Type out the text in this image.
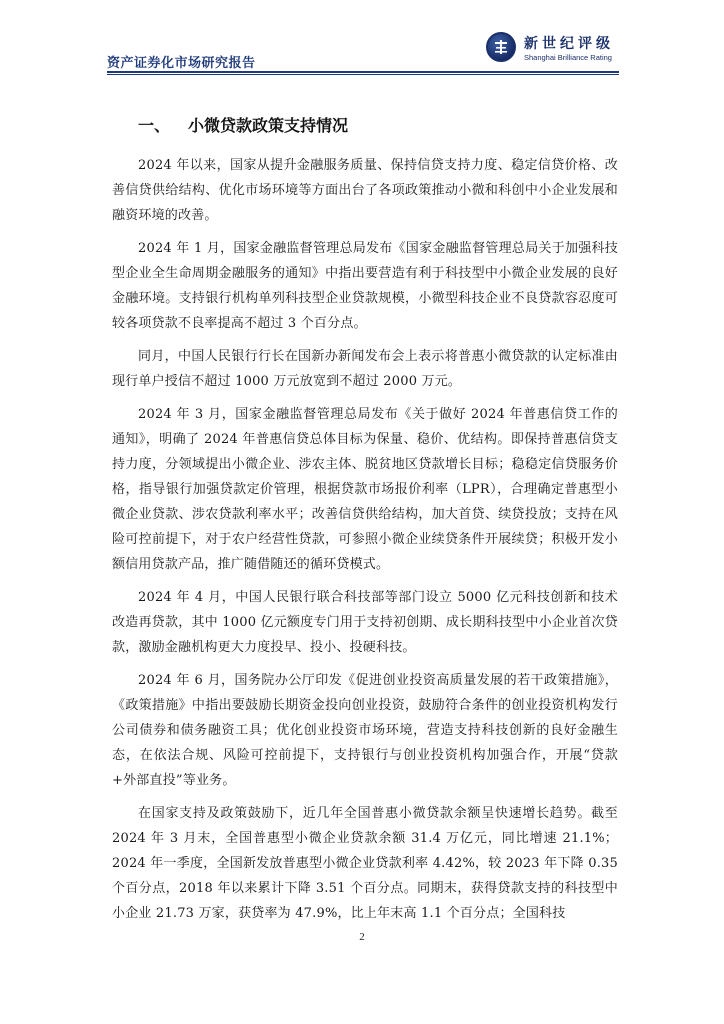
资产证券化市场研究报告
新世纪评级
Shanghai Brilliance Rating
一、 小微贷款政策支持情况

2024 年以来，国家从提升金融服务质量、保持信贷支持力度、稳定信贷价格、改善信贷供给结构、优化市场环境等方面出台了各项政策推动小微和科创中小企业发展和融资环境的改善。

2024 年 1 月，国家金融监督管理总局发布《国家金融监督管理总局关于加强科技型企业全生命周期金融服务的通知》中指出要营造有利于科技型中小微企业发展的良好金融环境。支持银行机构单列科技型企业贷款规模，小微型科技企业不良贷款容忍度可较各项贷款不良率提高不超过 3 个百分点。

同月，中国人民银行行长在国新办新闻发布会上表示将普惠小微贷款的认定标准由现行单户授信不超过 1000 万元放宽到不超过 2000 万元。

2024 年 3 月，国家金融监督管理总局发布《关于做好 2024 年普惠信贷工作的通知》，明确了 2024 年普惠信贷总体目标为保量、稳价、优结构。即保持普惠信贷支持力度，分领域提出小微企业、涉农主体、脱贫地区贷款增长目标；稳稳定信贷服务价格，指导银行加强贷款定价管理，根据贷款市场报价利率（LPR），合理确定普惠型小微企业贷款、涉农贷款利率水平；改善信贷供给结构，加大首贷、续贷投放；支持在风险可控前提下，对于农户经营性贷款，可参照小微企业续贷条件开展续贷；积极开发小额信用贷款产品，推广随借随还的循环贷模式。

2024 年 4 月，中国人民银行联合科技部等部门设立 5000 亿元科技创新和技术改造再贷款，其中 1000 亿元额度专门用于支持初创期、成长期科技型中小企业首次贷款，激励金融机构更大力度投早、投小、投硬科技。

2024 年 6 月，国务院办公厅印发《促进创业投资高质量发展的若干政策措施》，《政策措施》中指出要鼓励长期资金投向创业投资，鼓励符合条件的创业投资机构发行公司债券和债务融资工具；优化创业投资市场环境，营造支持科技创新的良好金融生态，在依法合规、风险可控前提下，支持银行与创业投资机构加强合作，开展“贷款+外部直投”等业务。

在国家支持及政策鼓励下，近几年全国普惠小微贷款余额呈快速增长趋势。截至 2024 年 3 月末，全国普惠型小微企业贷款余额 31.4 万亿元，同比增速 21.1%；2024 年一季度，全国新发放普惠型小微企业贷款利率 4.42%，较 2023 年下降 0.35 个百分点，2018 年以来累计下降 3.51 个百分点。同期末，获得贷款支持的科技型中小企业 21.73 万家，获贷率为 47.9%，比上年末高 1.1 个百分点；全国科技

2
